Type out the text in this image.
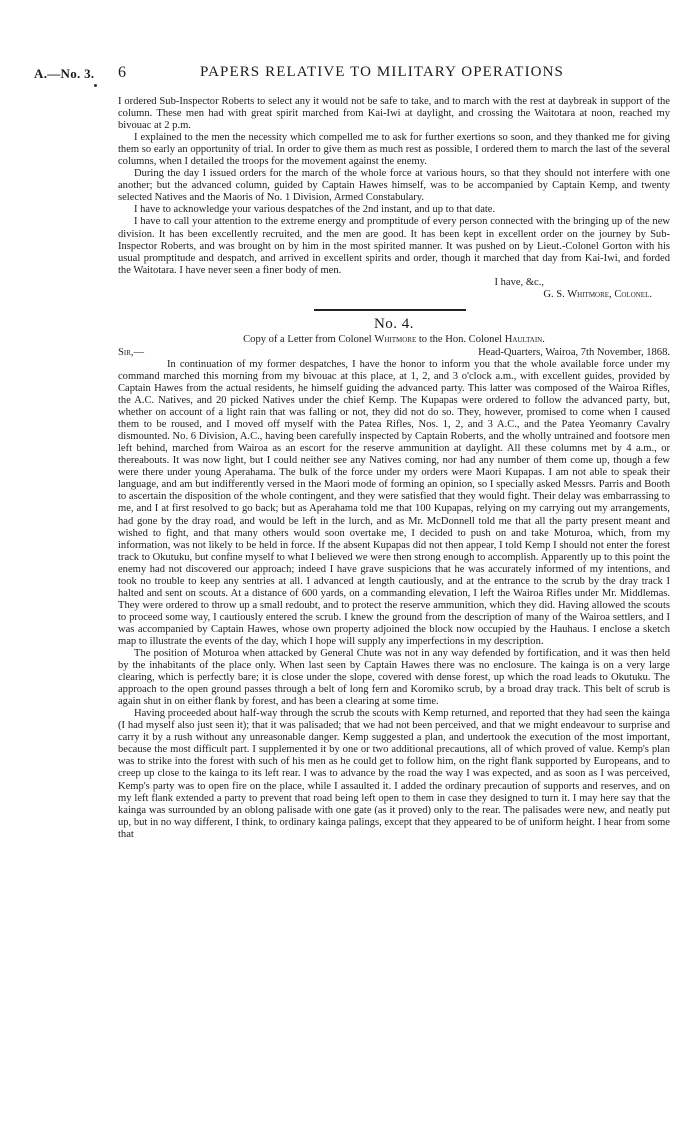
A.—No. 3. 6	PAPERS RELATIVE TO MILITARY OPERATIONS

I ordered Sub-Inspector Roberts to select any it would not be safe to take, and to march with the rest at daybreak in support of the column. These men had with great spirit marched from Kai-Iwi at daylight, and crossing the Waitotara at noon, reached my bivouac at 2 p.m.

I explained to the men the necessity which compelled me to ask for further exertions so soon, and they thanked me for giving them so early an opportunity of trial. In order to give them as much rest as possible, I ordered them to march the last of the several columns, when I detailed the troops for the movement against the enemy.

During the day I issued orders for the march of the whole force at various hours, so that they should not interfere with one another; but the advanced column, guided by Captain Hawes himself, was to be accompanied by Captain Kemp, and twenty selected Natives and the Maoris of No. 1 Division, Armed Constabulary.

I have to acknowledge your various despatches of the 2nd instant, and up to that date.

I have to call your attention to the extreme energy and promptitude of every person connected with the bringing up of the new division. It has been excellently recruited, and the men are good. It has been kept in excellent order on the journey by Sub-Inspector Roberts, and was brought on by him in the most spirited manner. It was pushed on by Lieut.-Colonel Gorton with his usual promptitude and despatch, and arrived in excellent spirits and order, though it marched that day from Kai-Iwi, and forded the Waitotara. I have never seen a finer body of men.

I have, &c.,

G. S. Whitmore, Colonel.

No. 4.

Copy of a Letter from Colonel Whitmore to the Hon. Colonel Haultain.

Sir,—	Head-Quarters, Wairoa, 7th November, 1868.

In continuation of my former despatches, I have the honor to inform you that the whole available force under my command marched this morning from my bivouac at this place, at 1, 2, and 3 o'clock a.m., with excellent guides, provided by Captain Hawes from the actual residents, he himself guiding the advanced party. This latter was composed of the Wairoa Rifles, the A.C. Natives, and 20 picked Natives under the chief Kemp. The Kupapas were ordered to follow the advanced party, but, whether on account of a light rain that was falling or not, they did not do so. They, however, promised to come when I caused them to be roused, and I moved off myself with the Patea Rifles, Nos. 1, 2, and 3 A.C., and the Patea Yeomanry Cavalry dismounted. No. 6 Division, A.C., having been carefully inspected by Captain Roberts, and the wholly untrained and footsore men left behind, marched from Wairoa as an escort for the reserve ammunition at daylight. All these columns met by 4 a.m., or thereabouts. It was now light, but I could neither see any Natives coming, nor had any number of them come up, though a few were there under young Aperahama. The bulk of the force under my orders were Maori Kupapas. I am not able to speak their language, and am but indifferently versed in the Maori mode of forming an opinion, so I specially asked Messrs. Parris and Booth to ascertain the disposition of the whole contingent, and they were satisfied that they would fight. Their delay was embarrassing to me, and I at first resolved to go back; but as Aperahama told me that 100 Kupapas, relying on my carrying out my arrangements, had gone by the dray road, and would be left in the lurch, and as Mr. McDonnell told me that all the party present meant and wished to fight, and that many others would soon overtake me, I decided to push on and take Moturoa, which, from my information, was not likely to be held in force. If the absent Kupapas did not then appear, I told Kemp I should not enter the forest track to Okutuku, but confine myself to what I believed we were then strong enough to accomplish. Apparently up to this point the enemy had not discovered our approach; indeed I have grave suspicions that he was accurately informed of my intentions, and took no trouble to keep any sentries at all. I advanced at length cautiously, and at the entrance to the scrub by the dray track I halted and sent on scouts. At a distance of 600 yards, on a commanding elevation, I left the Wairoa Rifles under Mr. Middlemas. They were ordered to throw up a small redoubt, and to protect the reserve ammunition, which they did. Having allowed the scouts to proceed some way, I cautiously entered the scrub. I knew the ground from the description of many of the Wairoa settlers, and I was accompanied by Captain Hawes, whose own property adjoined the block now occupied by the Hauhaus. I enclose a sketch map to illustrate the events of the day, which I hope will supply any imperfections in my description.

The position of Moturoa when attacked by General Chute was not in any way defended by fortification, and it was then held by the inhabitants of the place only. When last seen by Captain Hawes there was no enclosure. The kainga is on a very large clearing, which is perfectly bare; it is close under the slope, covered with dense forest, up which the road leads to Okutuku. The approach to the open ground passes through a belt of long fern and Koromiko scrub, by a broad dray track. This belt of scrub is again shut in on either flank by forest, and has been a clearing at some time.

Having proceeded about half-way through the scrub the scouts with Kemp returned, and reported that they had seen the kainga (I had myself also just seen it); that it was palisaded; that we had not been perceived, and that we might endeavour to surprise and carry it by a rush without any unreasonable danger. Kemp suggested a plan, and undertook the execution of the most important, because the most difficult part. I supplemented it by one or two additional precautions, all of which proved of value. Kemp's plan was to strike into the forest with such of his men as he could get to follow him, on the right flank supported by Europeans, and to creep up close to the kainga to its left rear. I was to advance by the road the way I was expected, and as soon as I was perceived, Kemp's party was to open fire on the place, while I assaulted it. I added the ordinary precaution of supports and reserves, and on my left flank extended a party to prevent that road being left open to them in case they designed to turn it. I may here say that the kainga was surrounded by an oblong palisade with one gate (as it proved) only to the rear. The palisades were new, and neatly put up, but in no way different, I think, to ordinary kainga palings, except that they appeared to be of uniform height. I hear from some that
